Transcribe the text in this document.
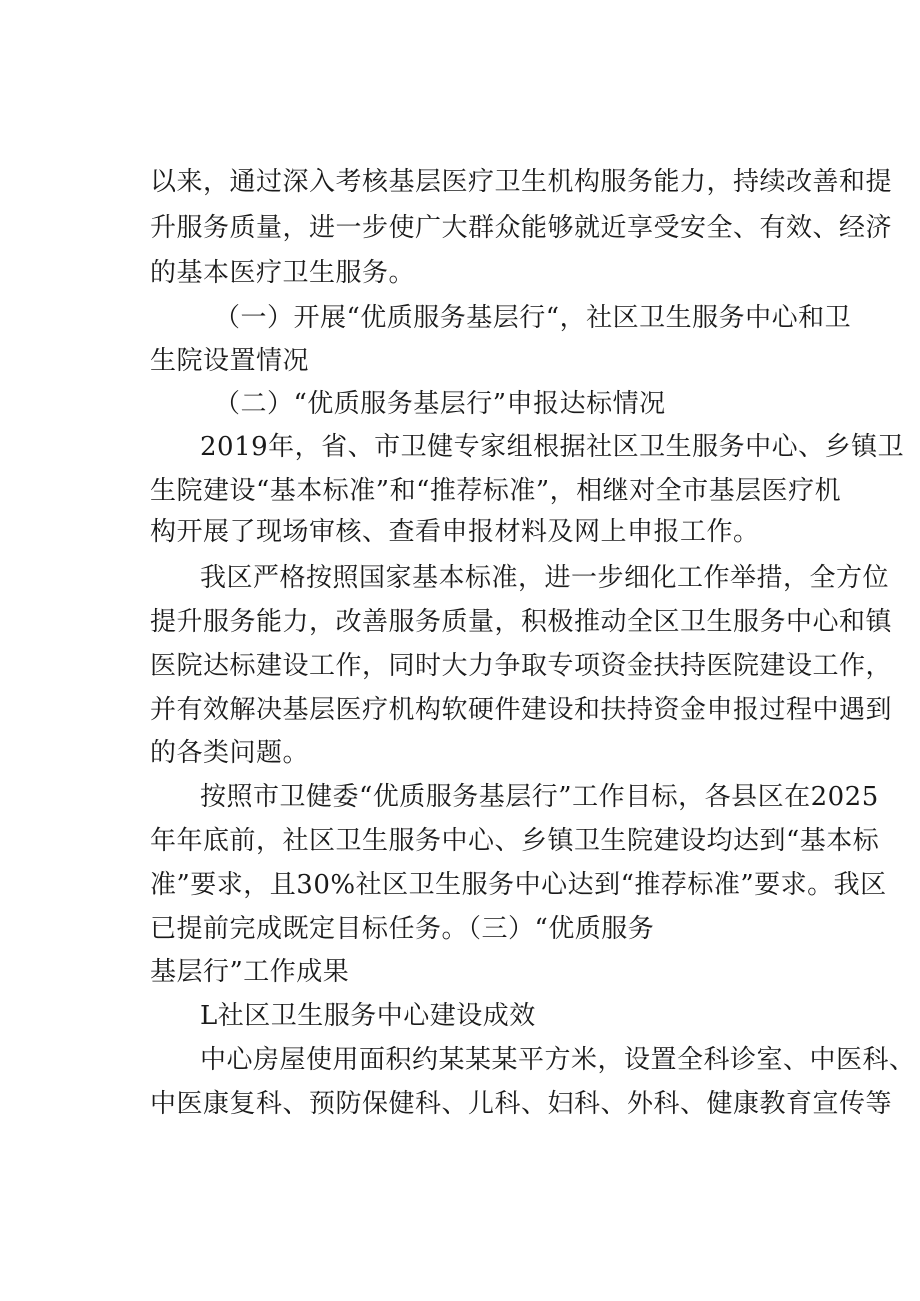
以来，通过深入考核基层医疗卫生机构服务能力，持续改善和提
升服务质量，进一步使广大群众能够就近享受安全、有效、经济
的基本医疗卫生服务。
（一）开展“优质服务基层行“，社区卫生服务中心和卫
生院设置情况
（二）“优质服务基层行”申报达标情况
2019年，省、市卫健专家组根据社区卫生服务中心、乡镇卫
生院建设“基本标准”和“推荐标准”，相继对全市基层医疗机
构开展了现场审核、查看申报材料及网上申报工作。
我区严格按照国家基本标准，进一步细化工作举措，全方位
提升服务能力，改善服务质量，积极推动全区卫生服务中心和镇
医院达标建设工作，同时大力争取专项资金扶持医院建设工作，
并有效解决基层医疗机构软硬件建设和扶持资金申报过程中遇到
的各类问题。
按照市卫健委“优质服务基层行”工作目标，各县区在2025
年年底前，社区卫生服务中心、乡镇卫生院建设均达到“基本标
准”要求，且30%社区卫生服务中心达到“推荐标准”要求。我区
已提前完成既定目标任务。（三）“优质服务
基层行”工作成果
L社区卫生服务中心建设成效
中心房屋使用面积约某某某平方米，设置全科诊室、中医科、
中医康复科、预防保健科、儿科、妇科、外科、健康教育宣传等
